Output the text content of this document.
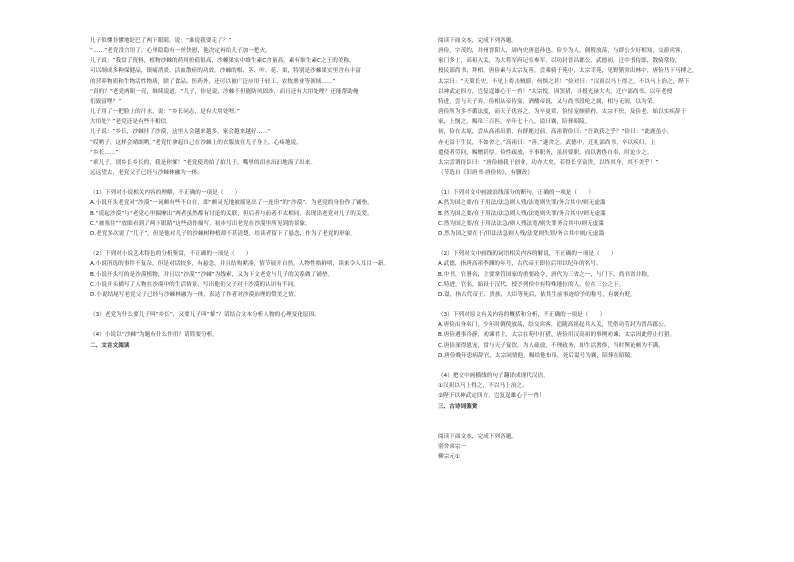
儿子似懂非懂地眨巴了两下眼睛，说：“谁说我要走了？”
“……”老党没言语了，心里隐隐有一丝快慰，他决定再给儿子加一把火。
儿子说：“我盘了资料，植物沙棘的药用价值很高，沙棘果实中维生素C含量高，素有维生素C之王的美称，
可以制成多种保健品，镇痛消炎、活血散瘀的功效。沙棘的根、茎、叶、花、果，特别是沙棘果实里含有丰富
的营养物质和生物活性物质，除了食品、医药外，还可以被广泛应用于轻工、农牧渔业等领域……”
“真的？”老党两眼一亮，继续说道，“儿子，你是说，沙棘不但能防风固沙，而且还有大用处哩？还能帮助俺
们致富哩？”
儿子用了一把脸上的汗水，说：“乡长同志，是有大用处哩。”
大用处？”老党还是有些不相信。
儿子说：“乡长，沙棘挂了沙漠，这里人会越来越多，家会越来越好……”
“哎哟子，这样会晴朗哟。”老党忙拿起自己在沙棘上的衣服放在儿子身上，心疼地说。
“乡长……”
“乖儿子，别乡长乡长的，我是你爹！”老党使劲拍了拍儿子，嘴里的泪水汩汩地流了出来。
远远望去，老党父子已经与沙棘林融为一体。
（1）下列对小说相关内容的理解，不正确的一项是（　　）
A.小说开头老党对“沙漠”一词颇有些不自在，即“颇灵光地被摇晃出了一连串”的“沙漠”，为老党的身份作了铺垫。
B.“说起沙漠”与“老党心里揣摩出”两者虽然都有讨论的关联，但后者与前者不太相同，表现出老党对儿子的关爱。
C.“被塞住”“放眼看到了两下眼睛”这些动作描写，初步写出老党在沙漠里所见到的景象。
D.老党多次说了“儿子”，但是他对儿子的沙棘树种植却不甚清楚，给读者留下了悬念，作为了老党的形象。
（2）下列对小说艺术特色的分析鉴赏，不正确的一项是（　　）
A.小说所选的事件不复杂，但是对话较多，有悬念，并且结构紧凑，情节展开自然，人物性格鲜明，读来令人耳目一新。
B.小说开头写的是沙漠植物，并且以“沙漠”“沙棘”为线索，又为下文老党与儿子的关系做了铺垫。
C.小说开头描写了人物在沙漠中的生活情景，写出他们父子对于沙漠的认识有不同。
D.小说结尾写老党父子已经与沙棘林融为一体，表达了作者对沙漠治理的赞美之情。
（3）老党为什么要儿子叫“乡长”，又要儿子叫“爹”？请结合文本分析人物的心理变化原因。
（4）小说以“沙棘”为题有什么作用？请简要分析。
二、文言文阅读
阅读下面文本，完成下列各题。
唐俭，字茂约，并州晋阳人，周内史唐邕孙也。俭少为人，倜傥放荡，与群公少好相知，交游宾客，
家门多士，高祖入关，为大将军府记室参军，以功封晋昌郡公，武德初，迁中书侍郎，散骑常侍，
授民部尚书，拜相，唐俭素与太宗友善，尝乘骑于苑中，太宗幸苑，见野猪突出林中，唐俭乃下马搏之，
太宗曰：“天策长史，不见上将击贼耶，何惧之甚！”俭对曰：“汉祖以马上得之，不以马上治之，陛下
以神武定四方，岂复逞雄心于一兽！”太宗悦，因罢猎，寻授光禄大夫，迁户部尚书，以年老授
特进，尝与天子弈，俭相从帝侍宴，酒酣帝说，又与尚书段纶之属，相与无间，以为荣。
唐俭所为多不循法度，而天子优容之，为卒更赏，俭恃宠颇骄矜，太宗不快，及俭老，始以实疾辞于
家，上悯之，赐帛三百匹，卒年七十八，谥曰襄，陪葬昭陵。
初，俭在太原，尝从高祖出猎，有群鹿过前，高祖谓俭曰：“吾欲获之乎？”俭曰：“此鹿虽小，
亦无益于生民，不如舍之。”高祖曰：“善。”遂舍之。武德中，迁礼部尚书，卒以疾归，上
遣使者劳问，赐赠甚厚。俭性疏放，不事职务，虽居要职，而以奢侈自奉，时论少之。
太宗尝谓侍臣曰：“唐俭辅我于创业，功亦大矣，若得长享富贵，以终其身，其不美乎！”
（节选自《旧唐书·唐俭传》，有删改）
（1）下列对文中画波浪线部分的断句，正确的一项是（　　）
A.然为国之要/在于用法/法急则人残/法宽则失罪/务合其中/则无虚滥
B.然为国之要/在于用法/法急则人残/法宽则失罪/务合其中/则无虚滥
C.然为国之要/在于用法法急/则人残法宽/则失罪务合其中/则无虚滥
D.然为国之要在于/用法法急则人残/法宽则失罪/务合其中则/无虚滥
（2）下列对文中画线的词语相关内容的解说，不正确的一项是（　　）
A.武德，指唐高祖李渊的年号，古代帝王即位后用以纪年的名号。
B.中书，官署名，主要掌管国家的重要政令，唐代为三省之一，与门下、尚书省并称。
C.特进，官名，始设于汉代，授予列侯中有特殊地位的人，位在三公之下。
D.谥，指古代帝王、贵族、大臣等死后，依其生前事迹给予的称号，有褒有贬。
（3）下列对原文有关内容的概括和分析，不正确的一项是（　　）
A.唐俭出身名门，少年时倜傥放荡，结交宾客，追随高祖起兵入关，凭借功劳封为晋昌郡公。
B.唐俭遇事冷静，劝谏君主，太宗在苑中打猎，唐俭用汉高祖的事例劝谏，太宗因此停止打猎。
C.唐俭深得恩宠，常与天子宴饮，为人疏放，不理政务，却生活奢侈，当时舆论颇为不满。
D.唐俭晚年患病辞官，太宗同情他，赐给他布帛，死后谥号为襄，陪葬在昭陵。
（4）把文中画横线的句子翻译成现代汉语。
①汉祖以马上得之，不以马上治之。
②陛下以神武定四方，岂复逞雄心于一兽！
三、古诗词鉴赏
阅读下面文本，完成下列各题。
别舍弟宗一
柳宗元①
